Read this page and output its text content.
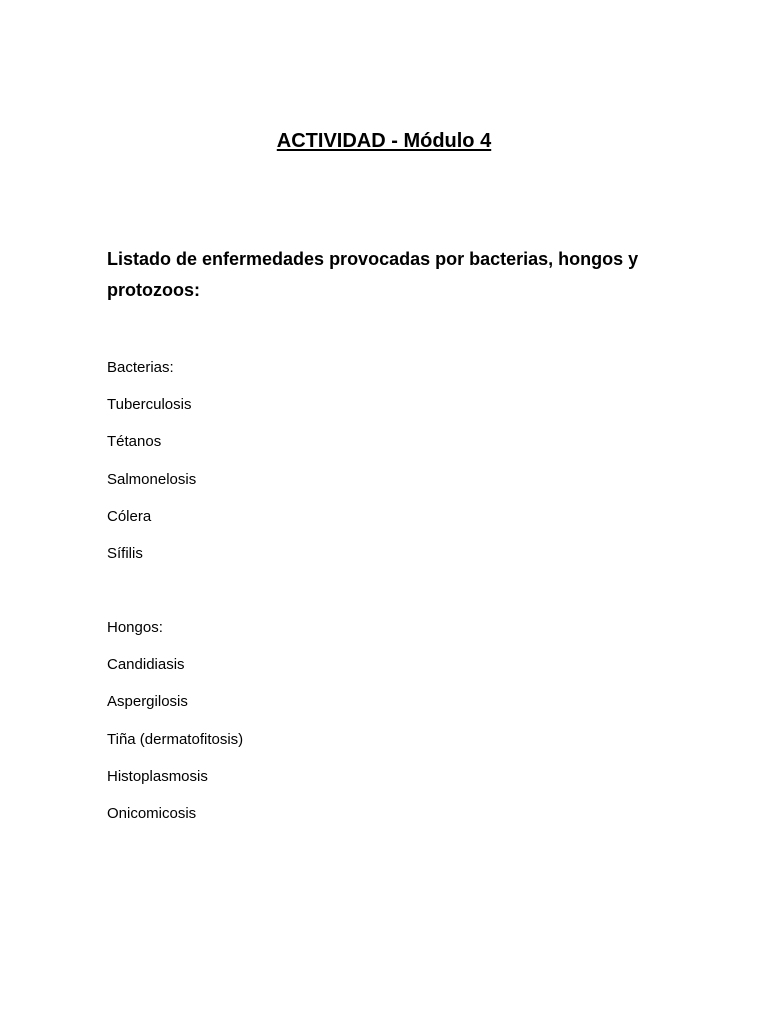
ACTIVIDAD - Módulo 4

Listado de enfermedades provocadas por bacterias, hongos y protozoos:

Bacterias:

Tuberculosis
Tétanos
Salmonelosis
Cólera
Sífilis

Hongos:

Candidiasis
Aspergilosis
Tiña (dermatofitosis)
Histoplasmosis
Onicomicosis
